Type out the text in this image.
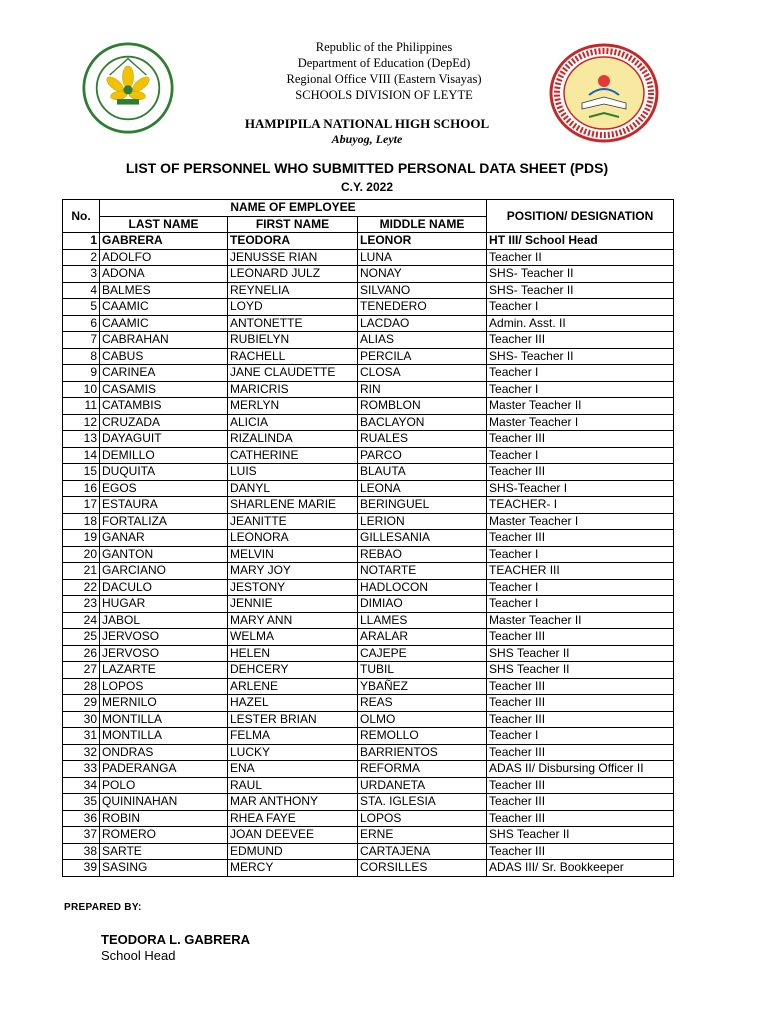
Republic of the Philippines
Department of Education (DepEd)
Regional Office VIII (Eastern Visayas)
SCHOOLS DIVISION OF LEYTE
HAMPIPILA NATIONAL HIGH SCHOOL
Abuyog, Leyte
LIST OF PERSONNEL WHO SUBMITTED PERSONAL DATA SHEET (PDS)
C.Y. 2022
No.	NAME OF EMPLOYEE			POSITION/ DESIGNATION
	LAST NAME	FIRST NAME	MIDDLE NAME	
1	GABRERA	TEODORA	LEONOR	HT III/ School Head
2	ADOLFO	JENUSSE RIAN	LUNA	Teacher II
3	ADONA	LEONARD JULZ	NONAY	SHS- Teacher II
4	BALMES	REYNELIA	SILVANO	SHS- Teacher II
5	CAAMIC	LOYD	TENEDERO	Teacher I
6	CAAMIC	ANTONETTE	LACDAO	Admin. Asst. II
7	CABRAHAN	RUBIELYN	ALIAS	Teacher III
8	CABUS	RACHELL	PERCILA	SHS- Teacher II
9	CARINEA	JANE CLAUDETTE	CLOSA	Teacher I
10	CASAMIS	MARICRIS	RIN	Teacher I
11	CATAMBIS	MERLYN	ROMBLON	Master Teacher II
12	CRUZADA	ALICIA	BACLAYON	Master Teacher I
13	DAYAGUIT	RIZALINDA	RUALES	Teacher III
14	DEMILLO	CATHERINE	PARCO	Teacher I
15	DUQUITA	LUIS	BLAUTA	Teacher III
16	EGOS	DANYL	LEONA	SHS-Teacher I
17	ESTAURA	SHARLENE MARIE	BERINGUEL	TEACHER- I
18	FORTALIZA	JEANITTE	LERION	Master Teacher I
19	GANAR	LEONORA	GILLESANIA	Teacher III
20	GANTON	MELVIN	REBAO	Teacher I
21	GARCIANO	MARY JOY	NOTARTE	TEACHER III
22	DACULO	JESTONY	HADLOCON	Teacher I
23	HUGAR	JENNIE	DIMIAO	Teacher I
24	JABOL	MARY ANN	LLAMES	Master Teacher II
25	JERVOSO	WELMA	ARALAR	Teacher III
26	JERVOSO	HELEN	CAJEPE	SHS Teacher II
27	LAZARTE	DEHCERY	TUBIL	SHS Teacher II
28	LOPOS	ARLENE	YBAÑEZ	Teacher III
29	MERNILO	HAZEL	REAS	Teacher III
30	MONTILLA	LESTER BRIAN	OLMO	Teacher III
31	MONTILLA	FELMA	REMOLLO	Teacher I
32	ONDRAS	LUCKY	BARRIENTOS	Teacher III
33	PADERANGA	ENA	REFORMA	ADAS II/ Disbursing Officer II
34	POLO	RAUL	URDANETA	Teacher III
35	QUININAHAN	MAR ANTHONY	STA. IGLESIA	Teacher III
36	ROBIN	RHEA FAYE	LOPOS	Teacher III
37	ROMERO	JOAN DEEVEE	ERNE	SHS Teacher II
38	SARTE	EDMUND	CARTAJENA	Teacher III
39	SASING	MERCY	CORSILLES	ADAS III/ Sr. Bookkeeper
PREPARED BY:
TEODORA L. GABRERA
School Head
